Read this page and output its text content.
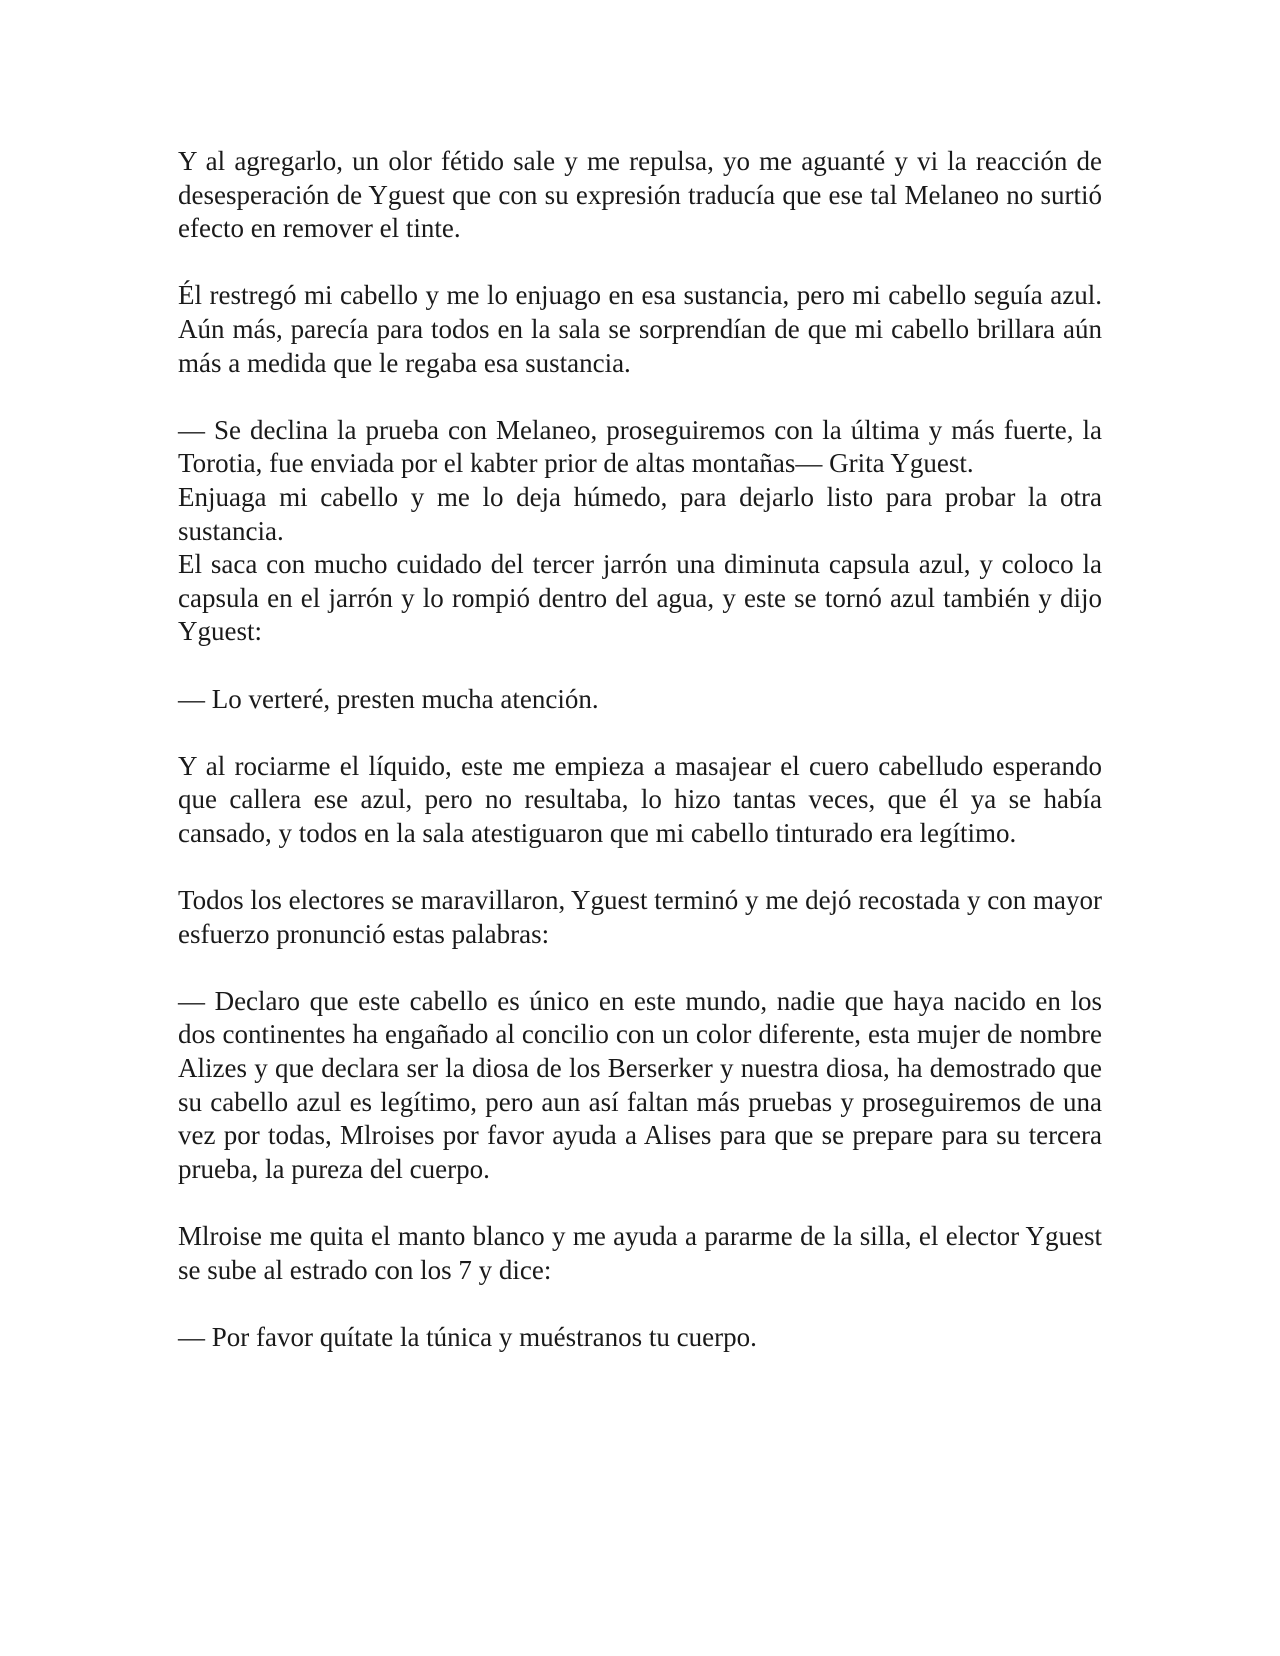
Y al agregarlo, un olor fétido sale y me repulsa, yo me aguanté y vi la reacción de desesperación de Yguest que con su expresión traducía que ese tal Melaneo no surtió efecto en remover el tinte.

Él restregó mi cabello y me lo enjuago en esa sustancia, pero mi cabello seguía azul. Aún más, parecía para todos en la sala se sorprendían de que mi cabello brillara aún más a medida que le regaba esa sustancia.

— Se declina la prueba con Melaneo, proseguiremos con la última y más fuerte, la Torotia, fue enviada por el kabter prior de altas montañas— Grita Yguest.

Enjuaga mi cabello y me lo deja húmedo, para dejarlo listo para probar la otra sustancia.

El saca con mucho cuidado del tercer jarrón una diminuta capsula azul, y coloco la capsula en el jarrón y lo rompió dentro del agua, y este se tornó azul también y dijo Yguest:

— Lo verteré, presten mucha atención.

Y al rociarme el líquido, este me empieza a masajear el cuero cabelludo esperando que callera ese azul, pero no resultaba, lo hizo tantas veces, que él ya se había cansado, y todos en la sala atestiguaron que mi cabello tinturado era legítimo.

Todos los electores se maravillaron, Yguest terminó y me dejó recostada y con mayor esfuerzo pronunció estas palabras:

— Declaro que este cabello es único en este mundo, nadie que haya nacido en los dos continentes ha engañado al concilio con un color diferente, esta mujer de nombre Alizes y que declara ser la diosa de los Berserker y nuestra diosa, ha demostrado que su cabello azul es legítimo, pero aun así faltan más pruebas y proseguiremos de una vez por todas, Mlroises por favor ayuda a Alises para que se prepare para su tercera prueba, la pureza del cuerpo.

Mlroise me quita el manto blanco y me ayuda a pararme de la silla, el elector Yguest se sube al estrado con los 7 y dice:

— Por favor quítate la túnica y muéstranos tu cuerpo.
